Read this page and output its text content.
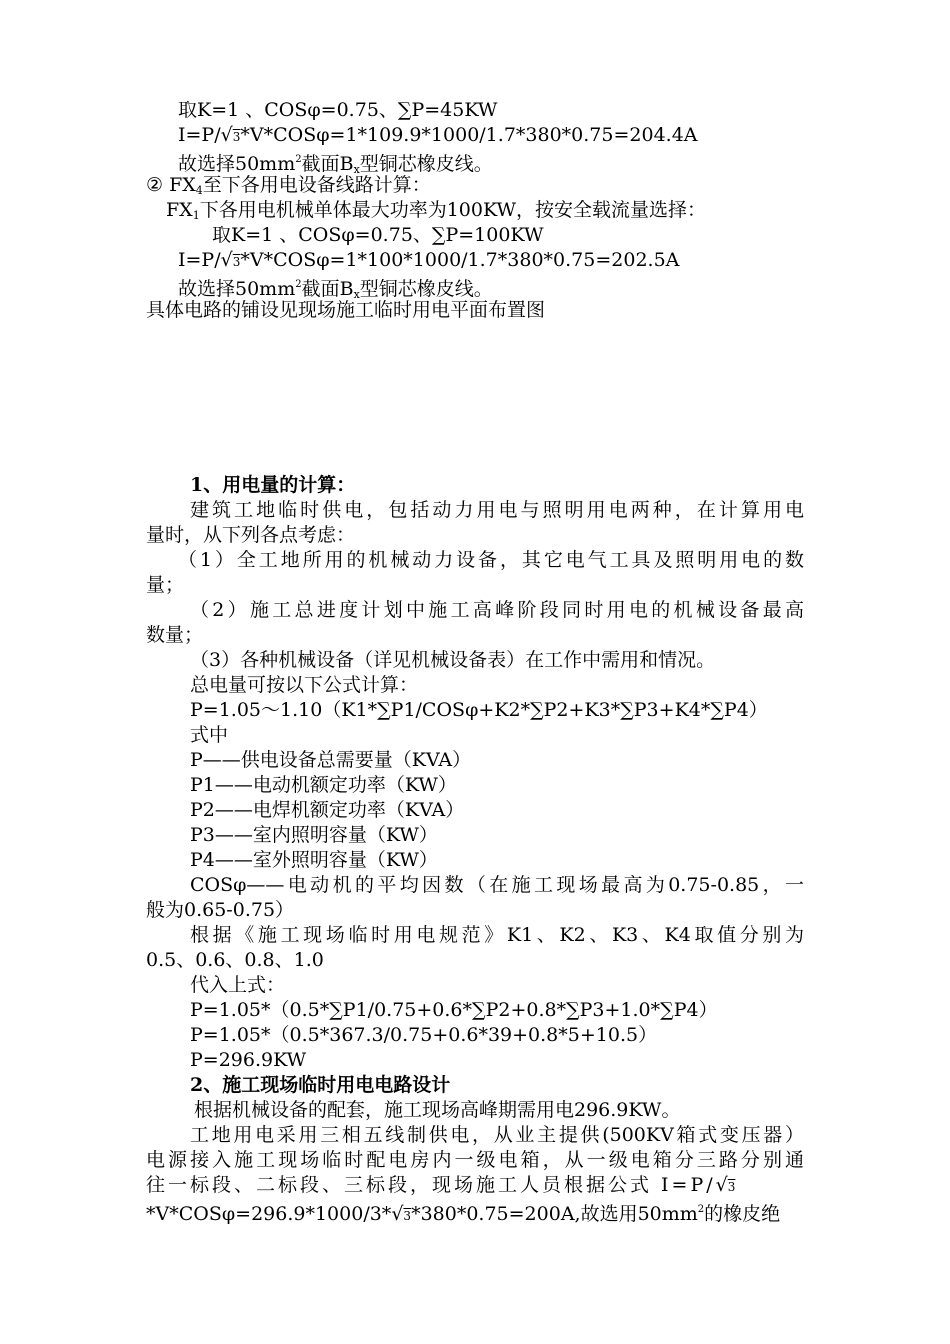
取K=1 、COSφ=0.75、∑P=45KW
I=P/√3*V*COSφ=1*109.9*1000/1.7*380*0.75=204.4A
故选择$50mm^2$截面$B_x$型铜芯橡皮线。
② $FX_4$至下各用电设备线路计算：
$FX_1$下各用电机械单体最大功率为100KW，按安全载流量选择：
取K=1 、COSφ=0.75、∑P=100KW
I=P/√3*V*COSφ=1*100*1000/1.7*380*0.75=202.5A
故选择$50mm^2$截面$B_x$型铜芯橡皮线。
具体电路的铺设见现场施工临时用电平面布置图
1、用电量的计算：
建筑工地临时供电，包括动力用电与照明用电两种，在计算用电
量时，从下列各点考虑：
（1）全工地所用的机械动力设备，其它电气工具及照明用电的数
量；
（2）施工总进度计划中施工高峰阶段同时用电的机械设备最高
数量；
（3）各种机械设备（详见机械设备表）在工作中需用和情况。
总电量可按以下公式计算：
P=1.05～1.10（K1*∑P1/COSφ+K2*∑P2+K3*∑P3+K4*∑P4）
式中
P——供电设备总需要量（KVA）
P1——电动机额定功率（KW）
P2——电焊机额定功率（KVA）
P3——室内照明容量（KW）
P4——室外照明容量（KW）
COSφ——电动机的平均因数（在施工现场最高为0.75-0.85，一
般为0.65-0.75）
根据《施工现场临时用电规范》K1、K2、K3、K4取值分别为
0.5、0.6、0.8、1.0
代入上式：
P=1.05*（0.5*∑P1/0.75+0.6*∑P2+0.8*∑P3+1.0*∑P4）
P=1.05*（0.5*367.3/0.75+0.6*39+0.8*5+10.5）
P=296.9KW
2、施工现场临时用电电路设计
根据机械设备的配套，施工现场高峰期需用电296.9KW。
工地用电采用三相五线制供电，从业主提供(500KV箱式变压器）
电源接入施工现场临时配电房内一级电箱，从一级电箱分三路分别通
往一标段、二标段、三标段，现场施工人员根据公式 I=P/√3
*V*COSφ=296.9*1000/3*√3*380*0.75=200A,故选用$50mm^2$的橡皮绝
